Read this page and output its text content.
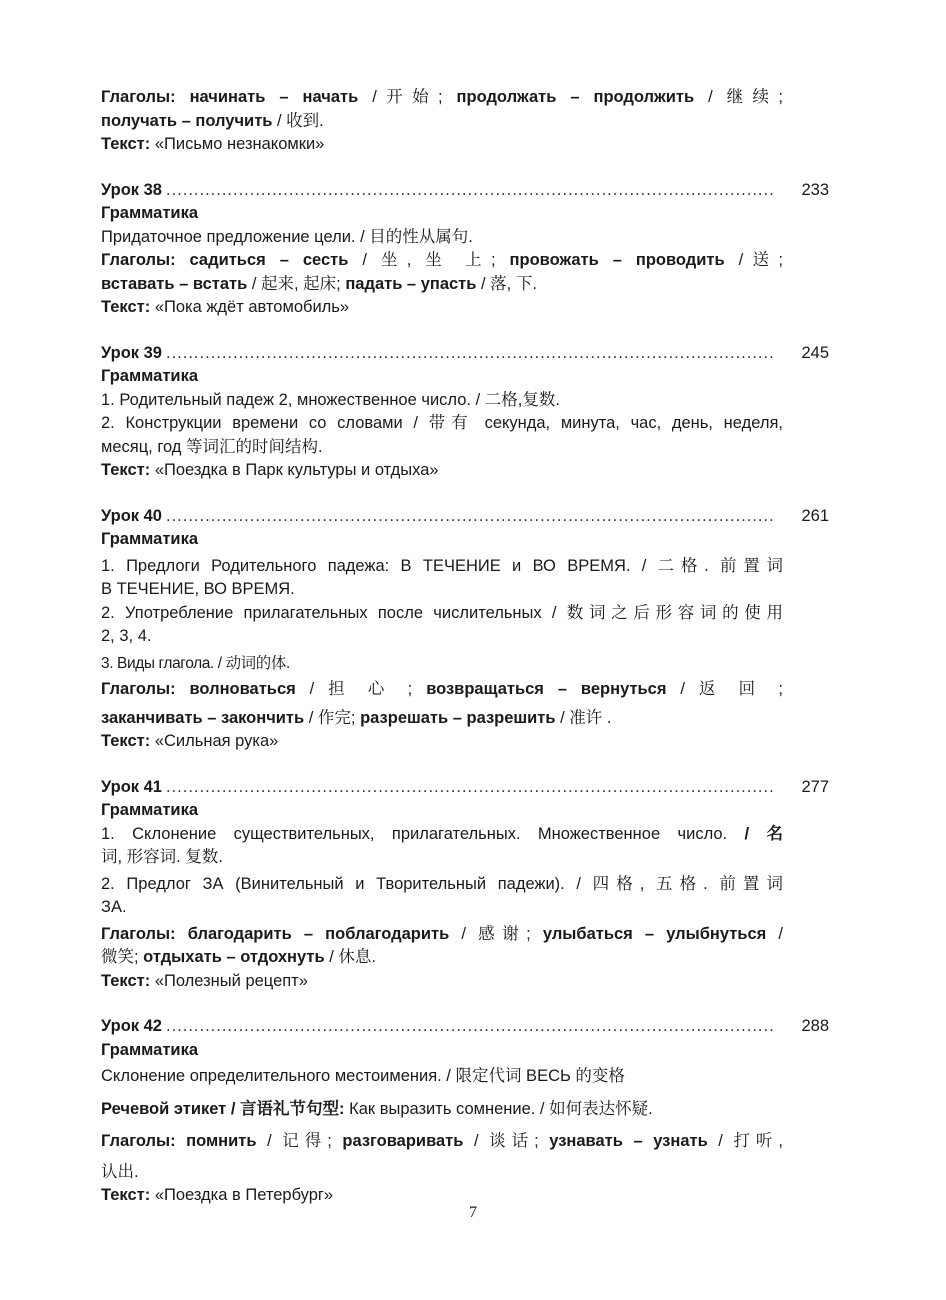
Глаголы: начинать – начать /开始; продолжать – продолжить / 继续;
получать – получить / 收到.
Текст: «Письмо незнакомки»
Урок 38 .....	233
Грамматика
Придаточное предложение цели. / 目的性从属句.
Глаголы: садиться – сесть / 坐, 坐 上; провожать – проводить /送;
вставать – встать / 起来, 起床; падать – упасть / 落, 下.
Текст: «Пока ждёт автомобиль»
Урок 39 .....	245
Грамматика
1. Родительный падеж 2, множественное число. / 二格,复数.
2. Конструкции времени со словами / 带有 секунда, минута, час, день, неделя,
месяц, год 等词汇的时间结构.
Текст: «Поездка в Парк культуры и отдыха»
Урок 40 .....	261
Грамматика
1. Предлоги Родительного падежа: В ТЕЧЕНИЕ и ВО ВРЕМЯ. / 二格. 前置词
В ТЕЧЕНИЕ, ВО ВРЕМЯ.
2. Употребление прилагательных после числительных / 数词之后形容词的使用
2, 3, 4.
3. Виды глагола. / 动词的体.
Глаголы: волноваться / 担 心 ; возвращаться – вернуться / 返 回 ;
заканчивать – закончить / 作完; разрешать – разрешить / 准许 .
Текст: «Сильная рука»
Урок 41 .....	277
Грамматика
1. Склонение существительных, прилагательных. Множественное число. / 名
词, 形容词. 复数.
2. Предлог ЗА (Винительный и Творительный падежи). / 四格, 五格. 前置词
ЗА.
Глаголы: благодарить – поблагодарить / 感谢; улыбаться – улыбнуться /
微笑; отдыхать – отдохнуть / 休息.
Текст: «Полезный рецепт»
Урок 42 .....	288
Грамматика
Склонение определительного местоимения. / 限定代词 ВЕСЬ 的变格
Речевой этикет / 言语礼节句型: Как выразить сомнение. / 如何表达怀疑.
Глаголы: помнить / 记得; разговаривать / 谈话; узнавать – узнать / 打听,
认出.
Текст: «Поездка в Петербург»
7
